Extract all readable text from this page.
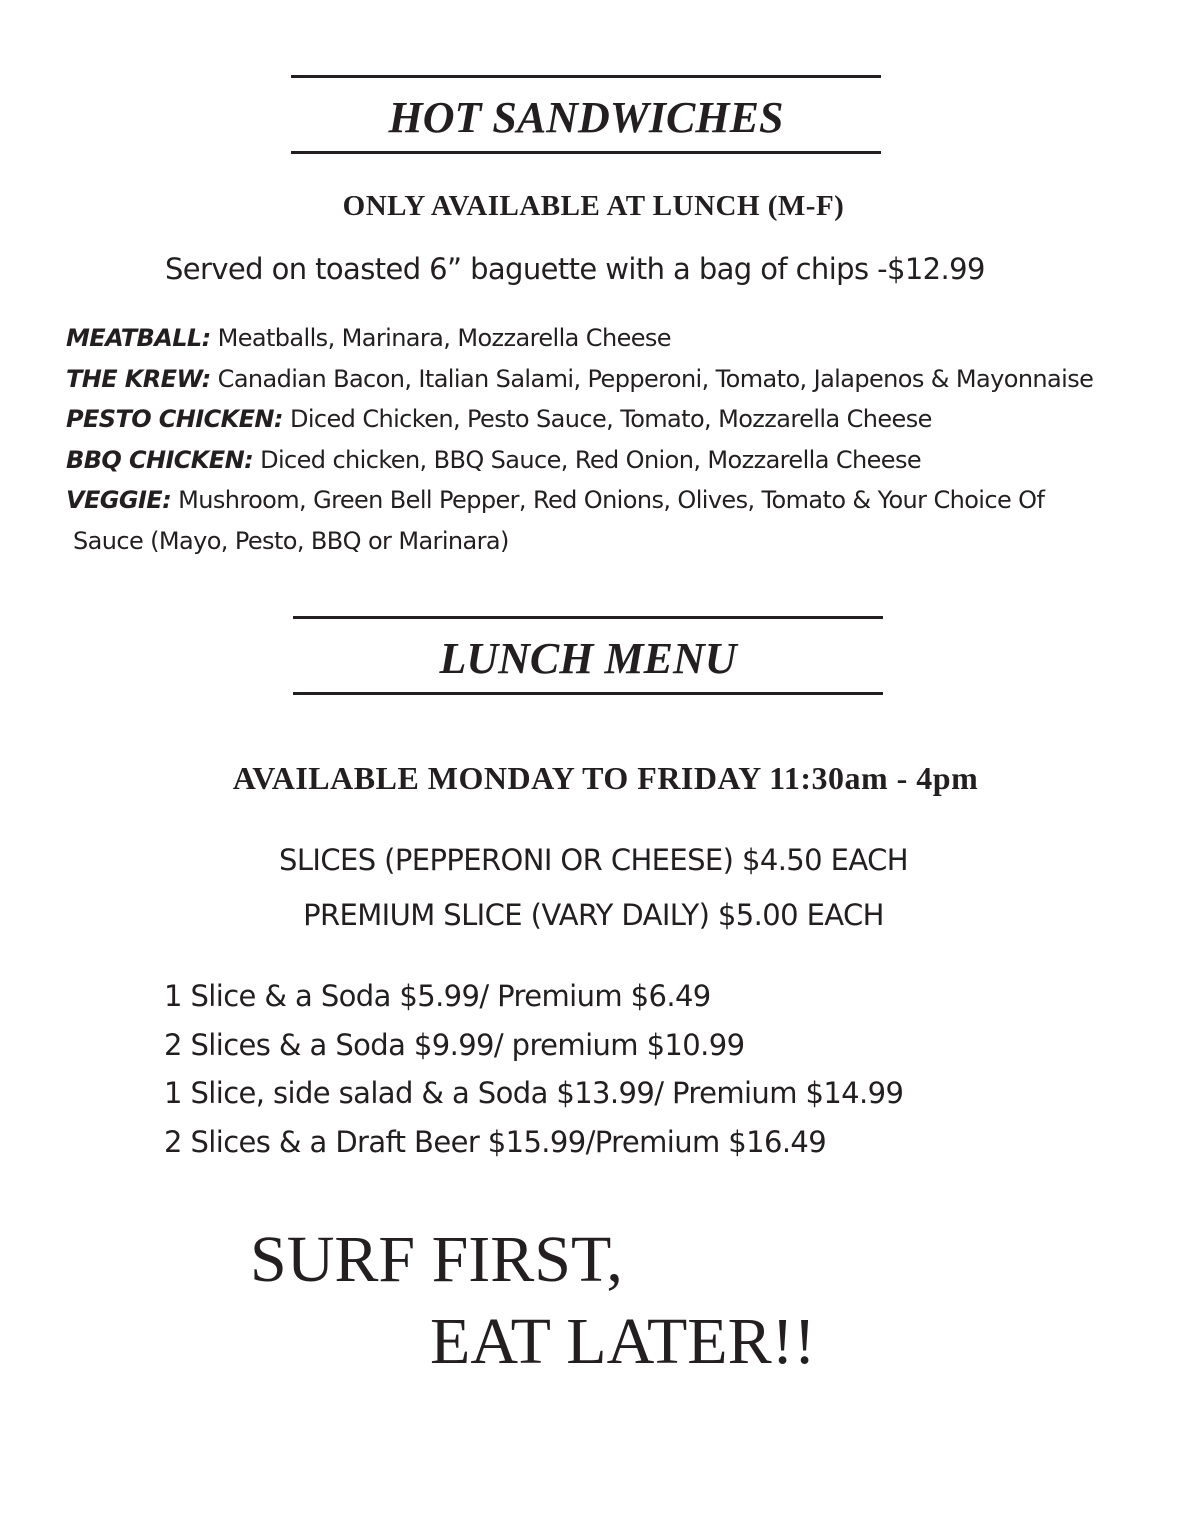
HOT SANDWICHES
ONLY AVAILABLE AT LUNCH (M-F)
Served on toasted 6” baguette with a bag of chips -$12.99
MEATBALL: Meatballs, Marinara, Mozzarella Cheese
THE KREW: Canadian Bacon, Italian Salami, Pepperoni, Tomato, Jalapenos & Mayonnaise
PESTO CHICKEN: Diced Chicken, Pesto Sauce, Tomato, Mozzarella Cheese
BBQ CHICKEN: Diced chicken, BBQ Sauce, Red Onion, Mozzarella Cheese
VEGGIE: Mushroom, Green Bell Pepper, Red Onions, Olives, Tomato & Your Choice Of
Sauce (Mayo, Pesto, BBQ or Marinara)
LUNCH MENU
AVAILABLE MONDAY TO FRIDAY 11:30am - 4pm
SLICES (PEPPERONI OR CHEESE) $4.50 EACH
PREMIUM SLICE (VARY DAILY) $5.00 EACH
1 Slice & a Soda $5.99/ Premium $6.49
2 Slices & a Soda $9.99/ premium $10.99
1 Slice, side salad & a Soda $13.99/ Premium $14.99
2 Slices & a Draft Beer $15.99/Premium $16.49
SURF FIRST,
EAT LATER!!
